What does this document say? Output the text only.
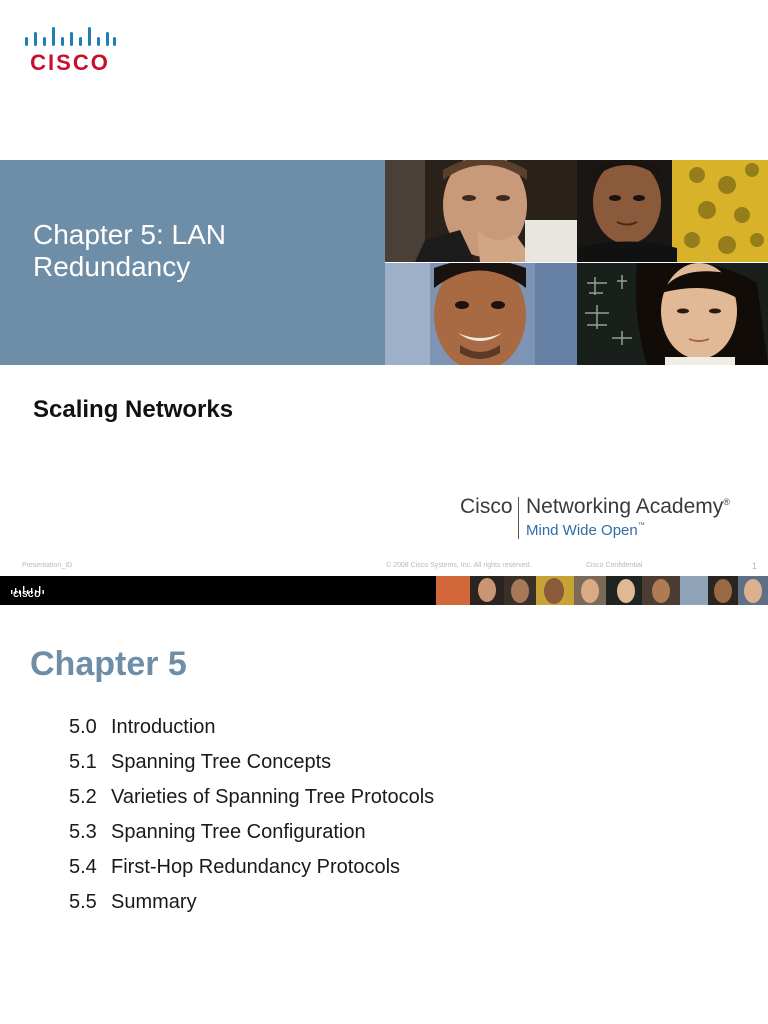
CISCO
Chapter 5: LAN Redundancy
Scaling Networks
Cisco Networking Academy®
Mind Wide Open™
Presentation_ID	© 2008 Cisco Systems, Inc. All rights reserved.	Cisco Confidential	1
CISCO
Chapter 5
5.0 Introduction
5.1 Spanning Tree Concepts
5.2 Varieties of Spanning Tree Protocols
5.3 Spanning Tree Configuration
5.4 First-Hop Redundancy Protocols
5.5 Summary
